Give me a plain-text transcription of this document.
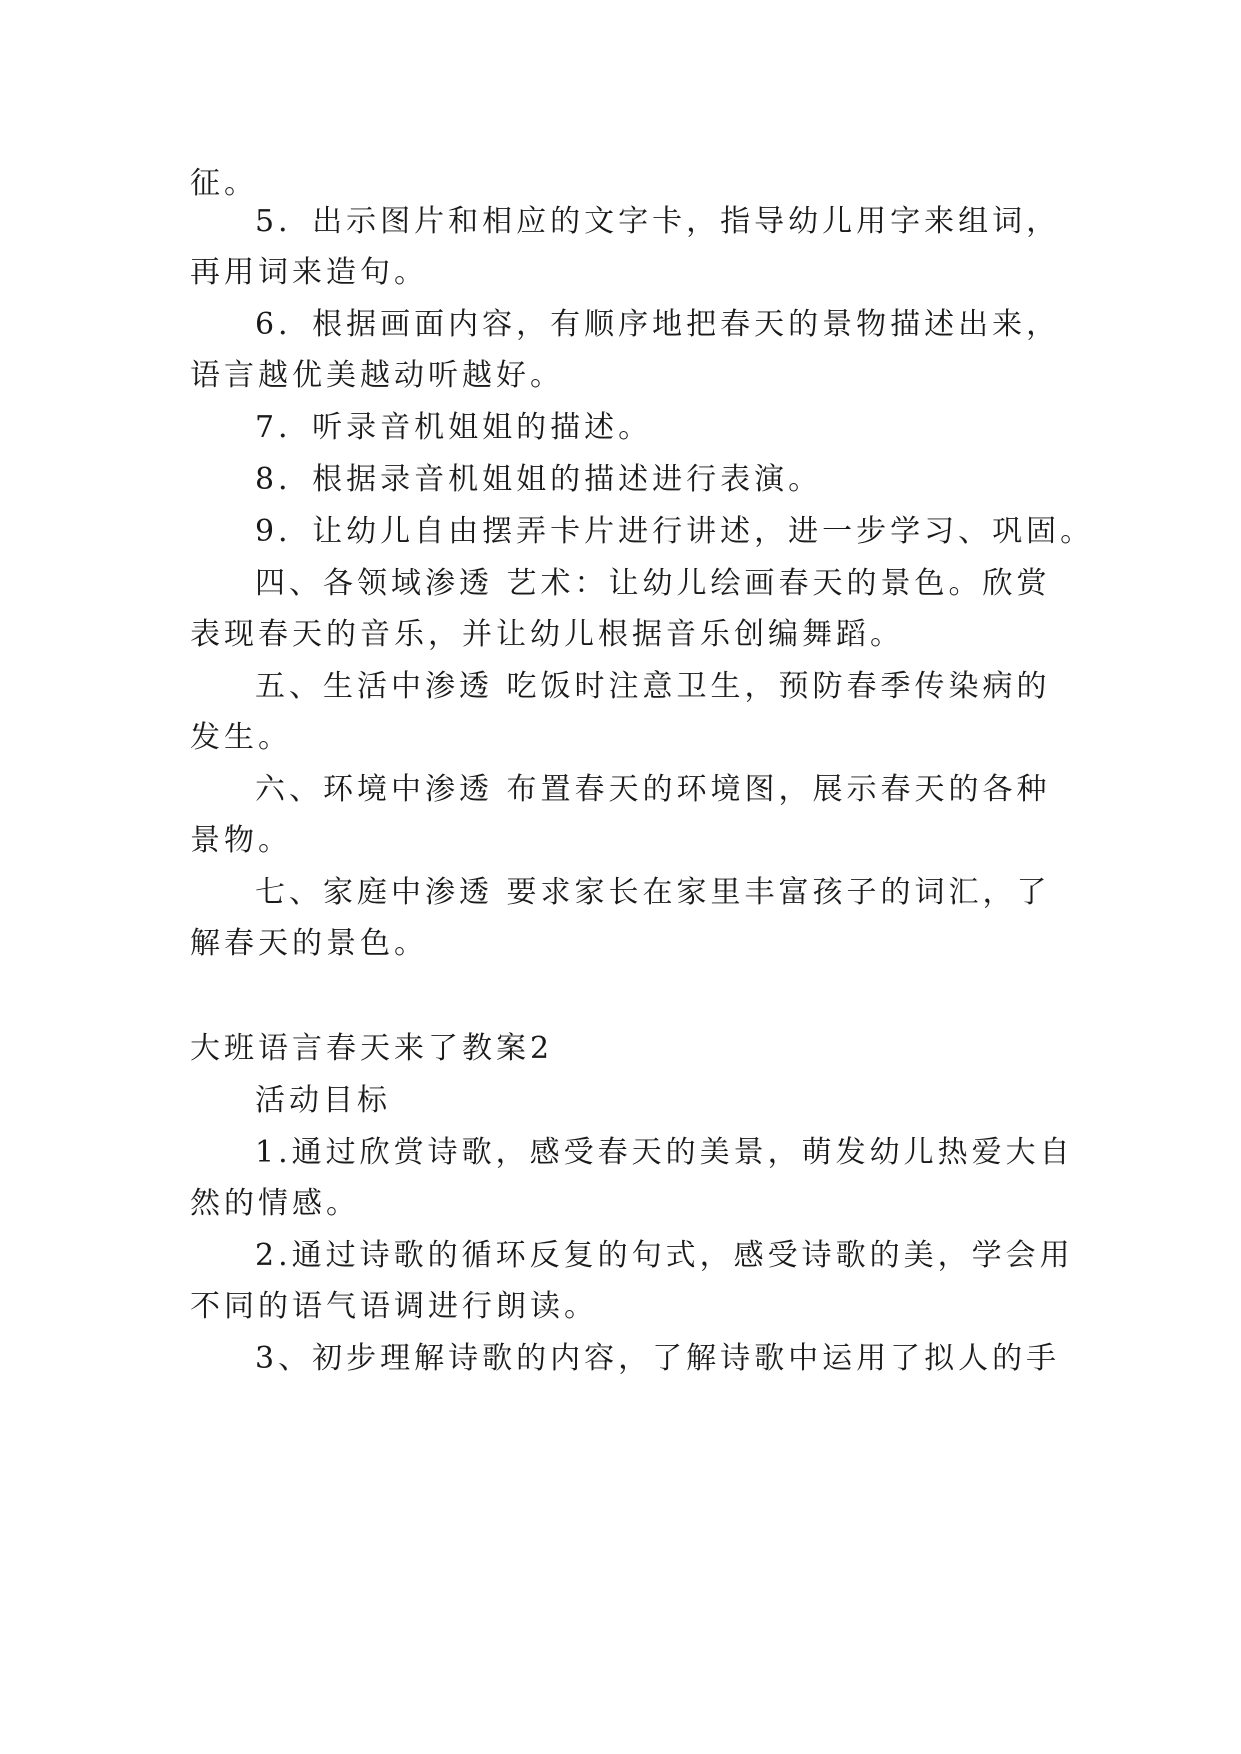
征。
5．出示图片和相应的文字卡，指导幼儿用字来组词，
再用词来造句。
6．根据画面内容，有顺序地把春天的景物描述出来，
语言越优美越动听越好。
7．听录音机姐姐的描述。
8．根据录音机姐姐的描述进行表演。
9．让幼儿自由摆弄卡片进行讲述，进一步学习、巩固。
四、各领域渗透 艺术：让幼儿绘画春天的景色。欣赏
表现春天的音乐，并让幼儿根据音乐创编舞蹈。
五、生活中渗透 吃饭时注意卫生，预防春季传染病的
发生。
六、环境中渗透 布置春天的环境图，展示春天的各种
景物。
七、家庭中渗透 要求家长在家里丰富孩子的词汇，了
解春天的景色。
大班语言春天来了教案2
活动目标
1.通过欣赏诗歌，感受春天的美景，萌发幼儿热爱大自
然的情感。
2.通过诗歌的循环反复的句式，感受诗歌的美，学会用
不同的语气语调进行朗读。
3、初步理解诗歌的内容，了解诗歌中运用了拟人的手
